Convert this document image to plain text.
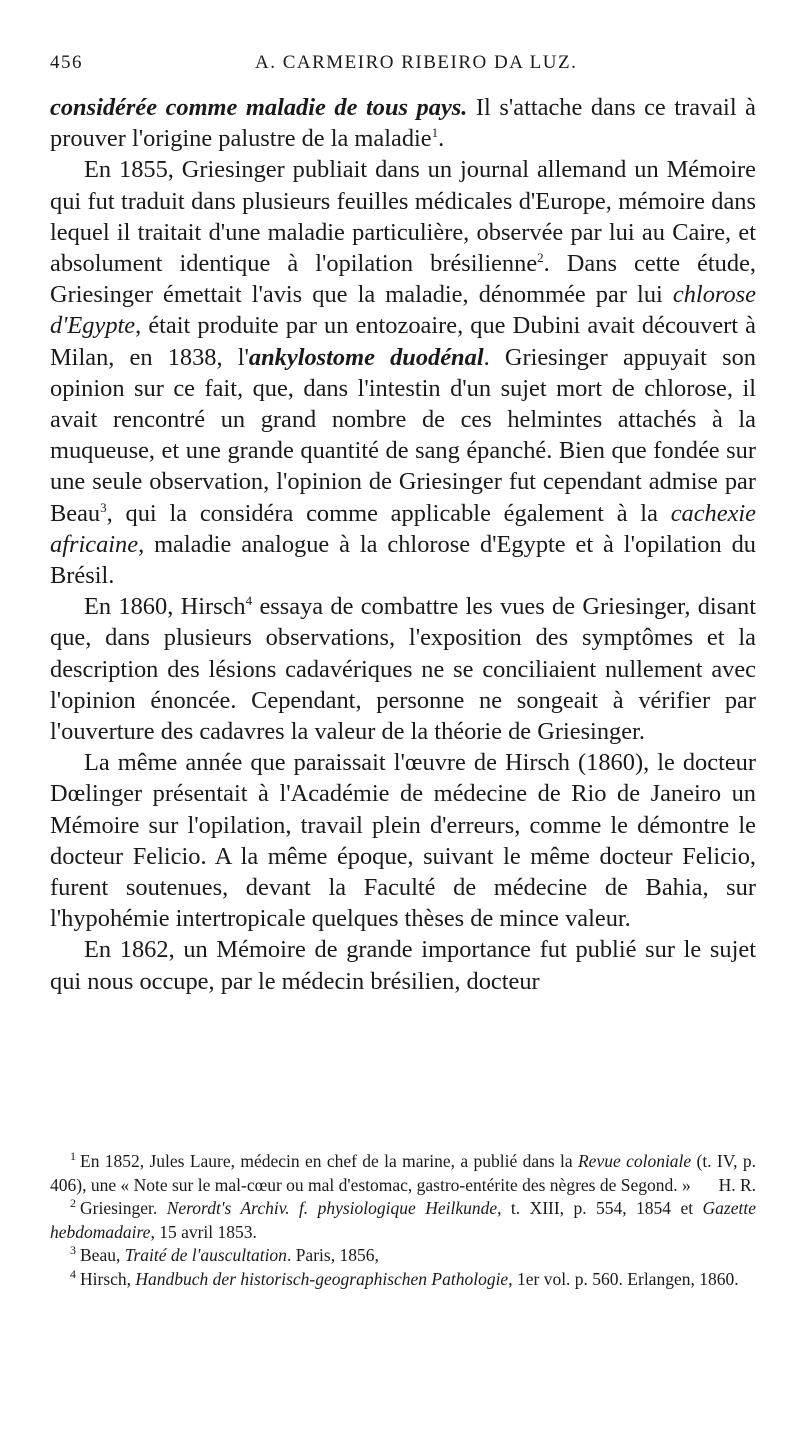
456	A. CARMEIRO RIBEIRO DA LUZ.

considérée comme maladie de tous pays. Il s'attache dans ce travail à prouver l'origine palustre de la maladie$^1$.

En 1855, Griesinger publiait dans un journal allemand un Mémoire qui fut traduit dans plusieurs feuilles médicales d'Europe, mémoire dans lequel il traitait d'une maladie particulière, observée par lui au Caire, et absolument identique à l'opilation brésilienne$^2$. Dans cette étude, Griesinger émettait l'avis que la maladie, dénommée par lui chlorose d'Egypte, était produite par un entozoaire, que Dubini avait découvert à Milan, en 1838, l'ankylostome duodénal. Griesinger appuyait son opinion sur ce fait, que, dans l'intestin d'un sujet mort de chlorose, il avait rencontré un grand nombre de ces helmintes attachés à la muqueuse, et une grande quantité de sang épanché. Bien que fondée sur une seule observation, l'opinion de Griesinger fut cependant admise par Beau$^3$, qui la considéra comme applicable également à la cachexie africaine, maladie analogue à la chlorose d'Egypte et à l'opilation du Brésil.

En 1860, Hirsch$^4$ essaya de combattre les vues de Griesinger, disant que, dans plusieurs observations, l'exposition des symptômes et la description des lésions cadavériques ne se conciliaient nullement avec l'opinion énoncée. Cependant, personne ne songeait à vérifier par l'ouverture des cadavres la valeur de la théorie de Griesinger.

La même année que paraissait l'œuvre de Hirsch (1860), le docteur Dœlinger présentait à l'Académie de médecine de Rio de Janeiro un Mémoire sur l'opilation, travail plein d'erreurs, comme le démontre le docteur Felicio. A la même époque, suivant le même docteur Felicio, furent soutenues, devant la Faculté de médecine de Bahia, sur l'hypohémie intertropicale quelques thèses de mince valeur.

En 1862, un Mémoire de grande importance fut publié sur le sujet qui nous occupe, par le médecin brésilien, docteur

$^1$ En 1852, Jules Laure, médecin en chef de la marine, a publié dans la Revue coloniale (t. IV, p. 406), une « Note sur le mal-cœur ou mal d'estomac, gastro-entérite des nègres de Segond. »	H. R.

$^2$ Griesinger. Nerordt's Archiv. f. physiologique Heilkunde, t. XIII, p. 554, 1854 et Gazette hebdomadaire, 15 avril 1853.

$^3$ Beau, Traité de l'auscultation. Paris, 1856,

$^4$ Hirsch, Handbuch der historisch-geographischen Pathologie, 1er vol. p. 560. Erlangen, 1860.
